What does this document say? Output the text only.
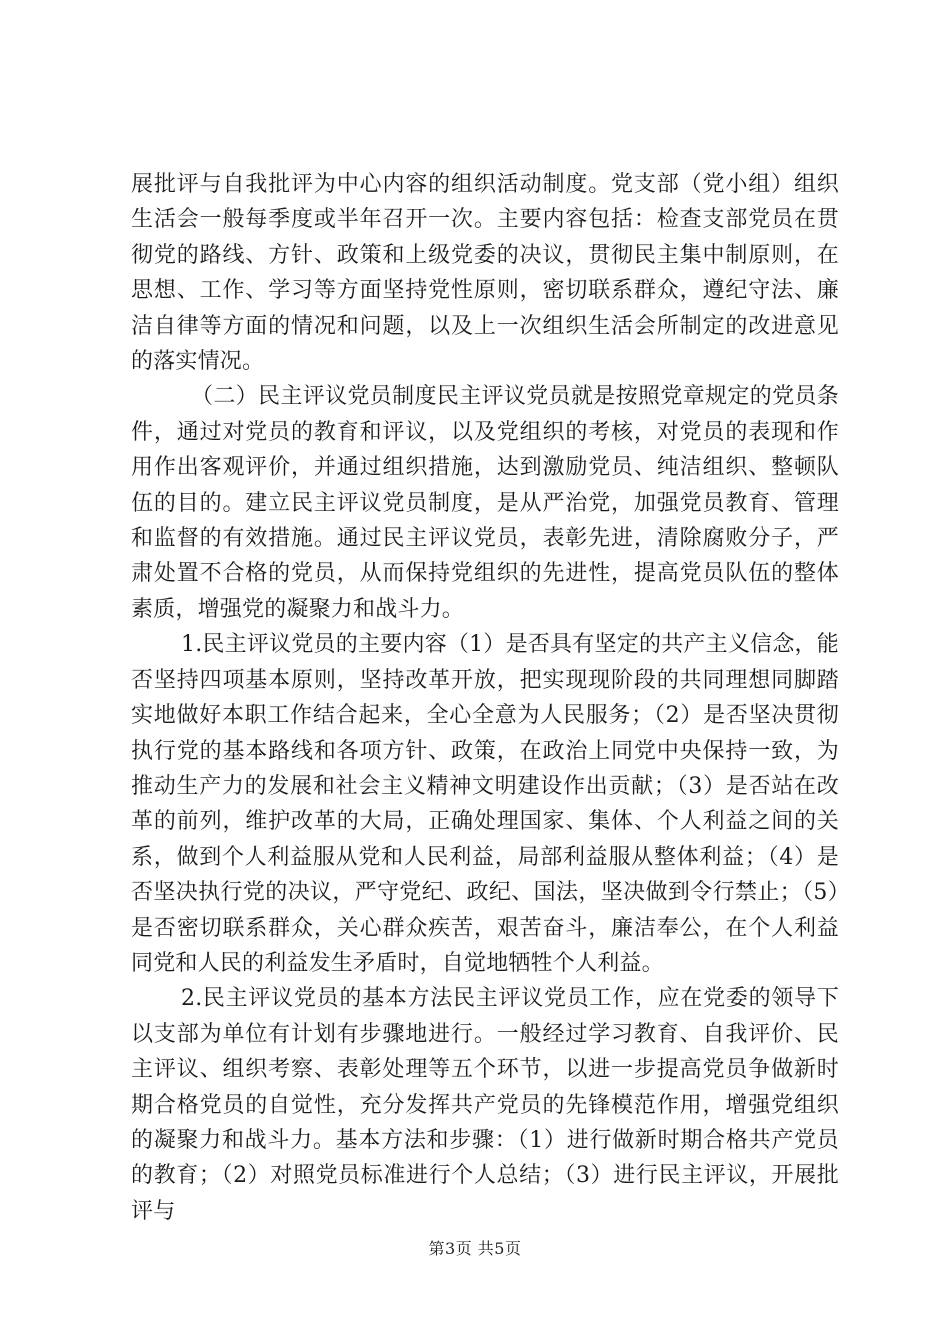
展批评与自我批评为中心内容的组织活动制度。党支部（党小组）组织生活会一般每季度或半年召开一次。主要内容包括：检查支部党员在贯彻党的路线、方针、政策和上级党委的决议，贯彻民主集中制原则，在思想、工作、学习等方面坚持党性原则，密切联系群众，遵纪守法、廉洁自律等方面的情况和问题，以及上一次组织生活会所制定的改进意见的落实情况。

（二）民主评议党员制度民主评议党员就是按照党章规定的党员条件，通过对党员的教育和评议，以及党组织的考核，对党员的表现和作用作出客观评价，并通过组织措施，达到激励党员、纯洁组织、整顿队伍的目的。建立民主评议党员制度，是从严治党，加强党员教育、管理和监督的有效措施。通过民主评议党员，表彰先进，清除腐败分子，严肃处置不合格的党员，从而保持党组织的先进性，提高党员队伍的整体素质，增强党的凝聚力和战斗力。

1.民主评议党员的主要内容（1）是否具有坚定的共产主义信念，能否坚持四项基本原则，坚持改革开放，把实现现阶段的共同理想同脚踏实地做好本职工作结合起来，全心全意为人民服务；（2）是否坚决贯彻执行党的基本路线和各项方针、政策，在政治上同党中央保持一致，为推动生产力的发展和社会主义精神文明建设作出贡献；（3）是否站在改革的前列，维护改革的大局，正确处理国家、集体、个人利益之间的关系，做到个人利益服从党和人民利益，局部利益服从整体利益；（4）是否坚决执行党的决议，严守党纪、政纪、国法，坚决做到令行禁止；（5）是否密切联系群众，关心群众疾苦，艰苦奋斗，廉洁奉公，在个人利益同党和人民的利益发生矛盾时，自觉地牺牲个人利益。

2.民主评议党员的基本方法民主评议党员工作，应在党委的领导下以支部为单位有计划有步骤地进行。一般经过学习教育、自我评价、民主评议、组织考察、表彰处理等五个环节，以进一步提高党员争做新时期合格党员的自觉性，充分发挥共产党员的先锋模范作用，增强党组织的凝聚力和战斗力。基本方法和步骤：（1）进行做新时期合格共产党员的教育；（2）对照党员标准进行个人总结；（3）进行民主评议，开展批评与

第3页 共5页
